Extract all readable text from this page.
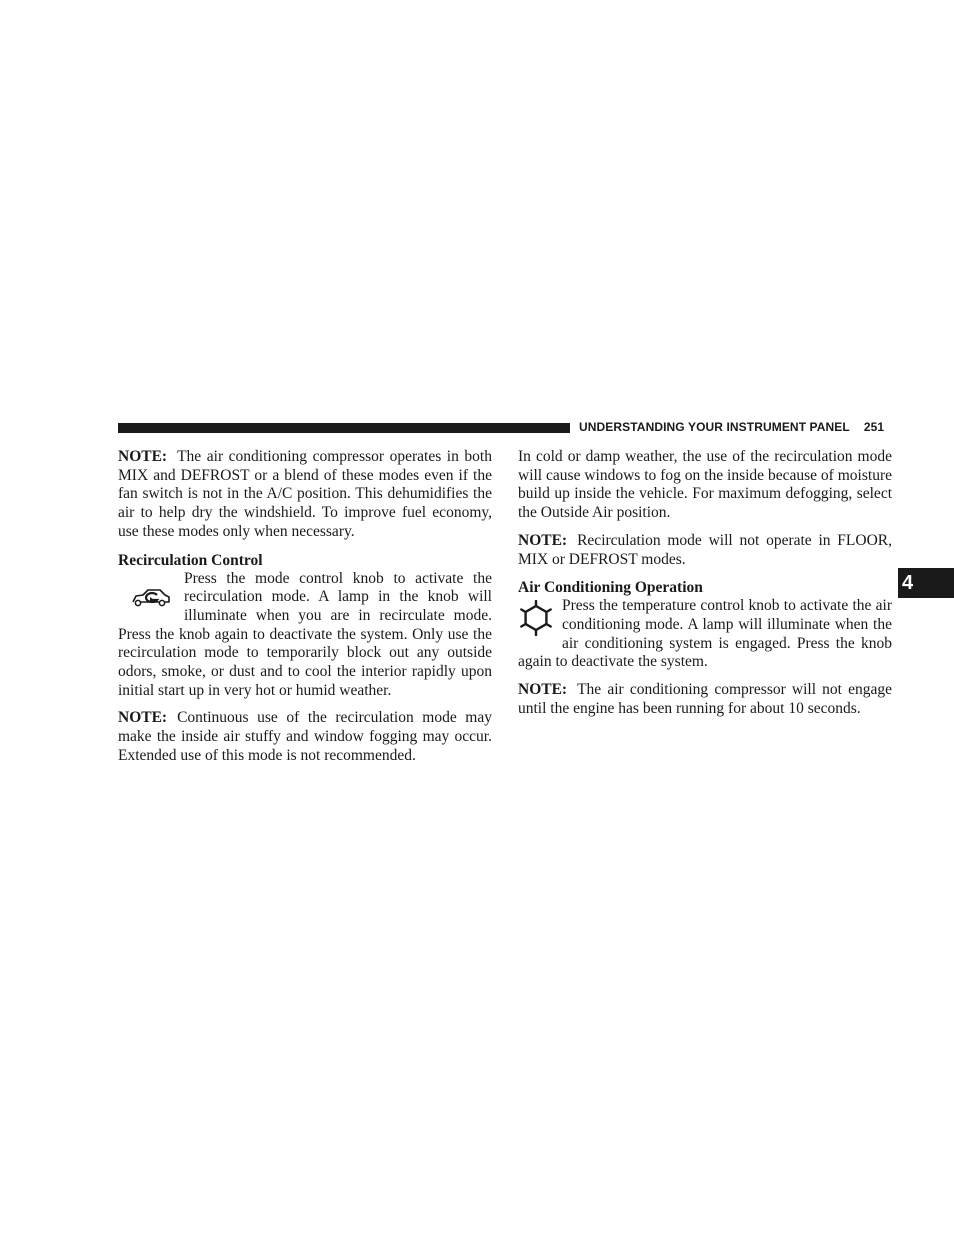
UNDERSTANDING YOUR INSTRUMENT PANEL 251
4

NOTE: The air conditioning compressor operates in both MIX and DEFROST or a blend of these modes even if the fan switch is not in the A/C position. This dehumidifies the air to help dry the windshield. To improve fuel economy, use these modes only when necessary.

Recirculation Control

Press the mode control knob to activate the recirculation mode. A lamp in the knob will illuminate when you are in recirculate mode. Press the knob again to deactivate the system. Only use the recirculation mode to temporarily block out any outside odors, smoke, or dust and to cool the interior rapidly upon initial start up in very hot or humid weather.

NOTE: Continuous use of the recirculation mode may make the inside air stuffy and window fogging may occur. Extended use of this mode is not recommended.

In cold or damp weather, the use of the recirculation mode will cause windows to fog on the inside because of moisture build up inside the vehicle. For maximum defogging, select the Outside Air position.

NOTE: Recirculation mode will not operate in FLOOR, MIX or DEFROST modes.

Air Conditioning Operation

Press the temperature control knob to activate the air conditioning mode. A lamp will illuminate when the air conditioning system is engaged. Press the knob again to deactivate the system.

NOTE: The air conditioning compressor will not engage until the engine has been running for about 10 seconds.
